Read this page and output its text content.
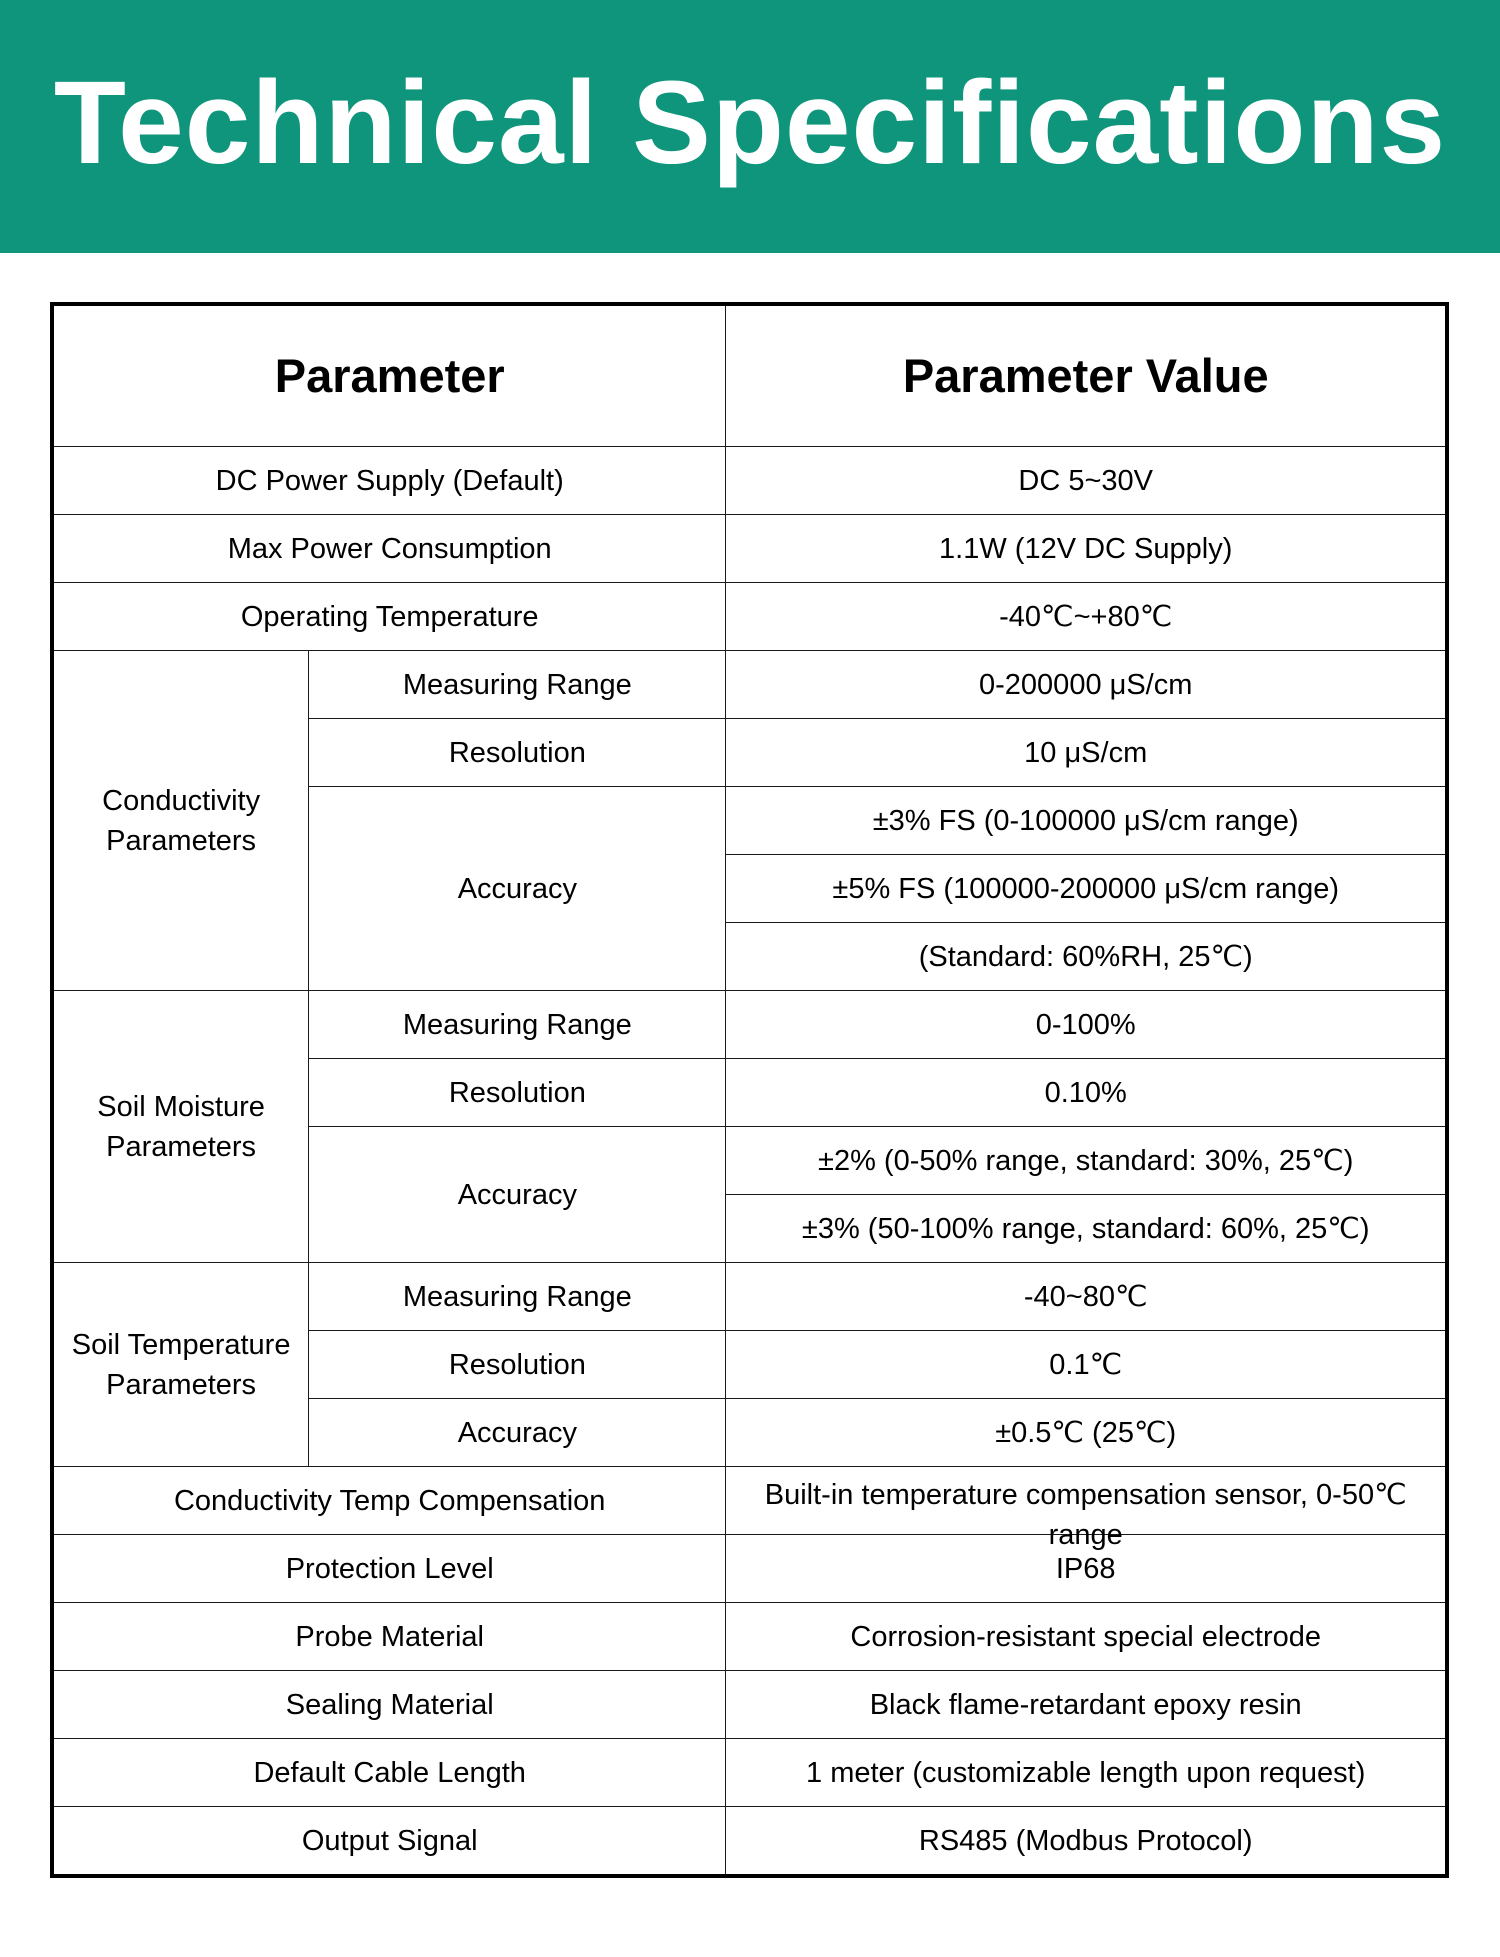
Technical Specifications
Parameter		Parameter Value
DC Power Supply (Default)		DC 5~30V
Max Power Consumption		1.1W (12V DC Supply)
Operating Temperature		-40℃~+80℃
Conductivity Parameters	Measuring Range	0-200000 μS/cm
	Resolution	10 μS/cm
	Accuracy	±3% FS (0-100000 μS/cm range)
		±5% FS (100000-200000 μS/cm range)
		(Standard: 60%RH, 25℃)
Soil Moisture Parameters	Measuring Range	0-100%
	Resolution	0.10%
	Accuracy	±2% (0-50% range, standard: 30%, 25℃)
		±3% (50-100% range, standard: 60%, 25℃)
Soil Temperature Parameters	Measuring Range	-40~80℃
	Resolution	0.1℃
	Accuracy	±0.5℃ (25℃)
Conductivity Temp Compensation		Built-in temperature compensation sensor, 0-50℃ range

Protection Level		IP68
Probe Material		Corrosion-resistant special electrode
Sealing Material		Black flame-retardant epoxy resin
Default Cable Length		1 meter (customizable length upon request)
Output Signal		RS485 (Modbus Protocol)
